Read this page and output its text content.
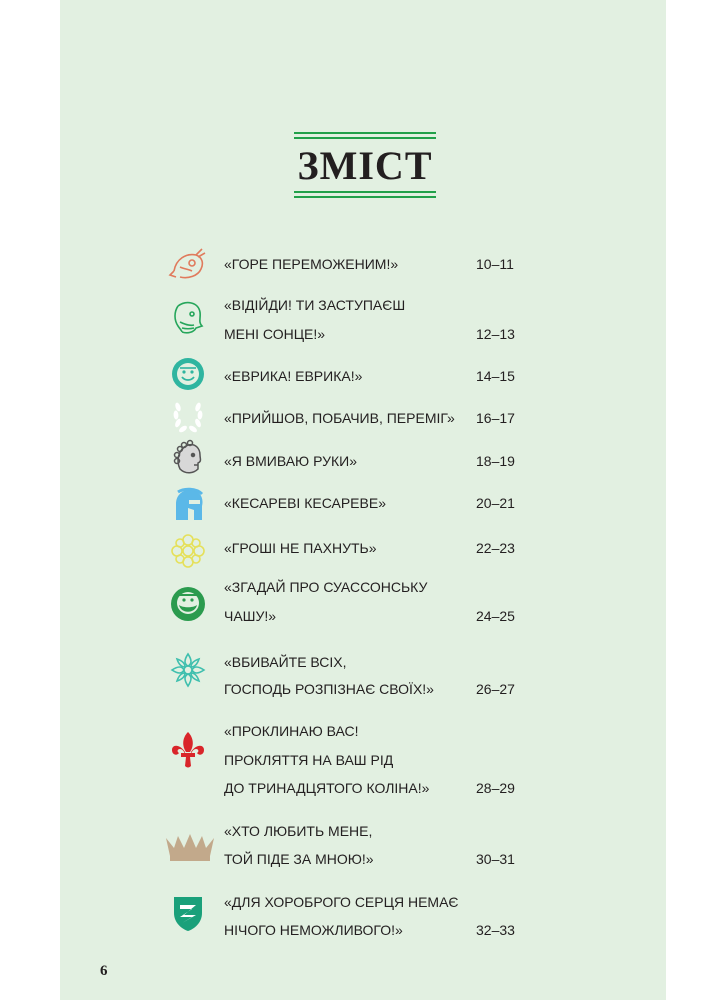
ЗМІСТ
«ГОРЕ ПЕРЕМОЖЕНИМ!»	10–11
«ВІДІЙДИ! ТИ ЗАСТУПАЄШ
МЕНІ СОНЦЕ!»	12–13
«ЕВРИКА! ЕВРИКА!»	14–15
«ПРИЙШОВ, ПОБАЧИВ, ПЕРЕМІГ» 16–17
«Я ВМИВАЮ РУКИ»	18–19
«КЕСАРЕВІ КЕСАРЕВЕ»	20–21
«ГРОШІ НЕ ПАХНУТЬ»	22–23
«ЗГАДАЙ ПРО СУАССОНСЬКУ
ЧАШУ!»	24–25
«ВБИВАЙТЕ ВСІХ,
ГОСПОДЬ РОЗПІЗНАЄ СВОЇХ!»	26–27
«ПРОКЛИНАЮ ВАС!
ПРОКЛЯТТЯ НА ВАШ РІД
ДО ТРИНАДЦЯТОГО КОЛІНА!»	28–29
«ХТО ЛЮБИТЬ МЕНЕ,
ТОЙ ПІДЕ ЗА МНОЮ!»	30–31
«ДЛЯ ХОРОБРОГО СЕРЦЯ НЕМАЄ
НІЧОГО НЕМОЖЛИВОГО!»	32–33
6
